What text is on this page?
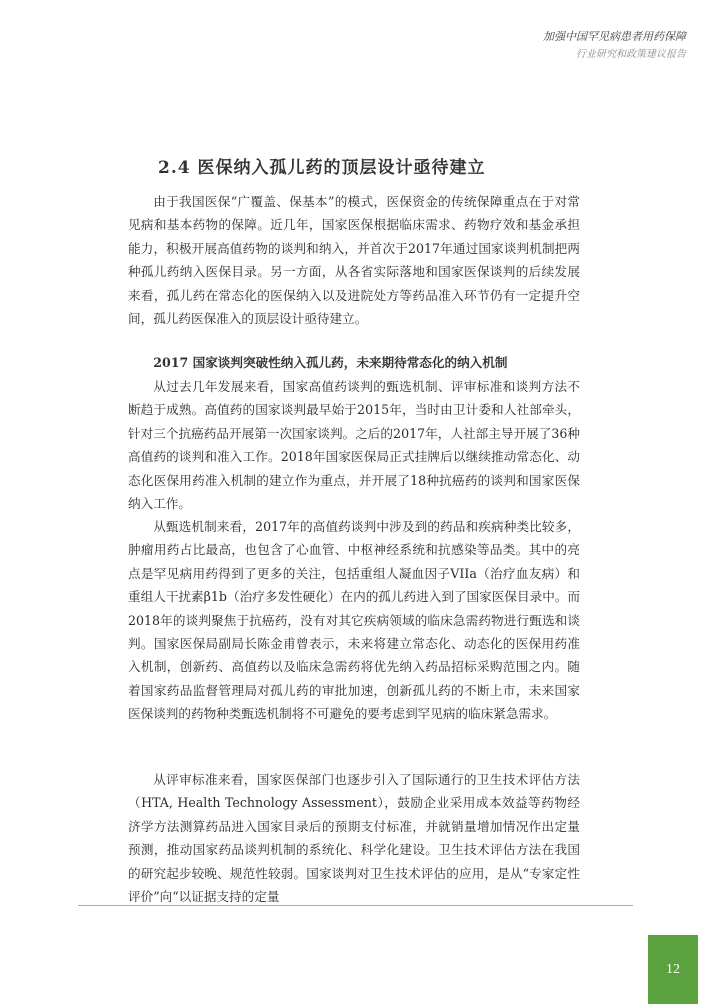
加强中国罕见病患者用药保障
行业研究和政策建议报告
2.4 医保纳入孤儿药的顶层设计亟待建立

由于我国医保“广覆盖、保基本”的模式，医保资金的传统保障重点在于对常见病和基本药物的保障。近几年，国家医保根据临床需求、药物疗效和基金承担能力，积极开展高值药物的谈判和纳入，并首次于2017年通过国家谈判机制把两种孤儿药纳入医保目录。另一方面，从各省实际落地和国家医保谈判的后续发展来看，孤儿药在常态化的医保纳入以及进院处方等药品准入环节仍有一定提升空间，孤儿药医保准入的顶层设计亟待建立。

2017 国家谈判突破性纳入孤儿药，未来期待常态化的纳入机制

从过去几年发展来看，国家高值药谈判的甄选机制、评审标准和谈判方法不断趋于成熟。高值药的国家谈判最早始于2015年，当时由卫计委和人社部牵头，针对三个抗癌药品开展第一次国家谈判。之后的2017年，人社部主导开展了36种高值药的谈判和准入工作。2018年国家医保局正式挂牌后以继续推动常态化、动态化医保用药准入机制的建立作为重点，并开展了18种抗癌药的谈判和国家医保纳入工作。

从甄选机制来看，2017年的高值药谈判中涉及到的药品和疾病种类比较多，肿瘤用药占比最高，也包含了心血管、中枢神经系统和抗感染等品类。其中的亮点是罕见病用药得到了更多的关注，包括重组人凝血因子VIIa（治疗血友病）和重组人干扰素β1b（治疗多发性硬化）在内的孤儿药进入到了国家医保目录中。而2018年的谈判聚焦于抗癌药，没有对其它疾病领域的临床急需药物进行甄选和谈判。国家医保局副局长陈金甫曾表示，未来将建立常态化、动态化的医保用药准入机制，创新药、高值药以及临床急需药将优先纳入药品招标采购范围之内。随着国家药品监督管理局对孤儿药的审批加速，创新孤儿药的不断上市，未来国家医保谈判的药物种类甄选机制将不可避免的要考虑到罕见病的临床紧急需求。

从评审标准来看，国家医保部门也逐步引入了国际通行的卫生技术评估方法（HTA, Health Technology Assessment），鼓励企业采用成本效益等药物经济学方法测算药品进入国家目录后的预期支付标准，并就销量增加情况作出定量预测，推动国家药品谈判机制的系统化、科学化建设。卫生技术评估方法在我国的研究起步较晚、规范性较弱。国家谈判对卫生技术评估的应用，是从“专家定性评价”向“以证据支持的定量

12
